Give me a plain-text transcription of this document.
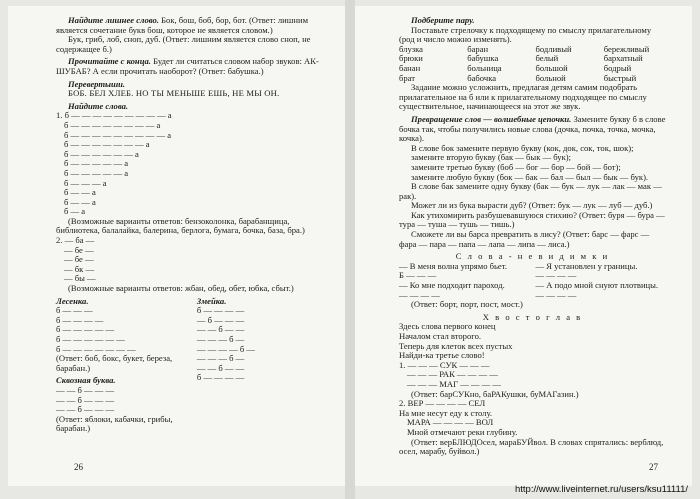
Найдите лишнее слово. Бок, бош, боб, бор, бот. (Ответ: лишним является сочетание букв бош, которое не является словом.)

Бук, гриб, лоб, сноп, дуб. (Ответ: лишним является слово сноп, не содержащее б.)

Прочитайте с конца. Будет ли считаться словом набор звуков: АК-ШУБАБ? А если прочитать наоборот? (Ответ: бабушка.)

Перевертыши.

БОБ. БЕЛ ХЛЕБ. НО ТЫ МЕНЬШЕ ЕШЬ, НЕ МЫ ОН.

Найдите слова.

1. б — — — — — — — — — а
б — — — — — — — — а
б — — — — — — — — — а
б — — — — — — — а
б — — — — — — а
б — — — — — а
б — — — — — а
б — — — а
б — — а
б — — а
б — а

(Возможные варианты ответов: бензоколонка, барабанщица, библиотека, балалайка, балерина, берлога, бумага, бочка, база, бра.)

2. — ба —
— бе —
— бе —
— бк —
— бы —

(Возможные варианты ответов: жбан, обед, обет, юбка, сбыт.)

Лесенка.

б — — —
б — — — —
б — — — — —
б — — — — — —
б — — — — — — —

(Ответ: боб, бокс, букет, береза, барабан.)

Сквозная буква.

— — б — — —
— — б — — —
— — б — — —

(Ответ: яблоки, кабачки, грибы, барабан.)

Змейка.

б — — — —
— б — — —
— — б — —
— — — б —
— — — — б —
— — — б —
— — б — —
б — — — —
26

Подберите пару.

Поставьте стрелочку к подходящему по смыслу прилагательному (род и число можно изменять).

блузка	баран	бодливый	бережливый
брюки	бабушка	белый	бархатный
банан	больница	большой	бодрый
брат	бабочка	больной	быстрый

Задание можно усложнить, предлагая детям самим подобрать прилагательное на б или к прилагательному подходящее по смыслу существительное, начинающееся на этот же звук.

Превращение слов — волшебные цепочки. Замените букву б в слове бочка так, чтобы получились новые слова (дочка, почка, точка, мочка, кочка).

В слове бок замените первую букву (кок, док, сок, ток, шок);

замените вторую букву (бак — бык — бук);

замените третью букву (боб — бог — бор — бой — бот);

замените любую букву (бок — бак — бал — был — бык — бук).

В слове бак замените одну букву (бак — бук — лук — лак — мак — рак).

Может ли из бука вырасти дуб? (Ответ: бук — лук — луб — дуб.)

Как утихомирить разбушевавшуюся стихию? (Ответ: буря — бура — тура — туша — тушь — тишь.)

Сможете ли вы барса превратить в лису? (Ответ: барс — фарс — фара — пара — папа — лапа — липа — лиса.)

С л о в а - н е в и д и м к и

— В меня волна упрямо бьет.	— Я установлен у границы.
Б — — —	— — — —
— Ко мне подходит пароход.	— А подо мной снуют плотвицы.
— — — —	— — — —

(Ответ: борт, порт, пост, мост.)

Х в о с т о г л а в

Здесь слова первого конец
Началом стал второго.
Теперь для клеток всех пустых
Найди-ка третье слово!
1. — — — СУК — — —
— — — РАК — — — —
— — — МАГ — — — —

(Ответ: барСУКно, баРАКушки, буМАГазин.)

2. ВЕР — — — — СЕЛ
На мне несут еду к столу.
МАРА — — — — ВОЛ
Мной отмечают реки глубину.

(Ответ: верБЛЮДОсел, мараБУЙвол. В словах спрятались: верблюд, осел, марабу, буйвол.)

27
http://www.liveinternet.ru/users/ksu11111/
